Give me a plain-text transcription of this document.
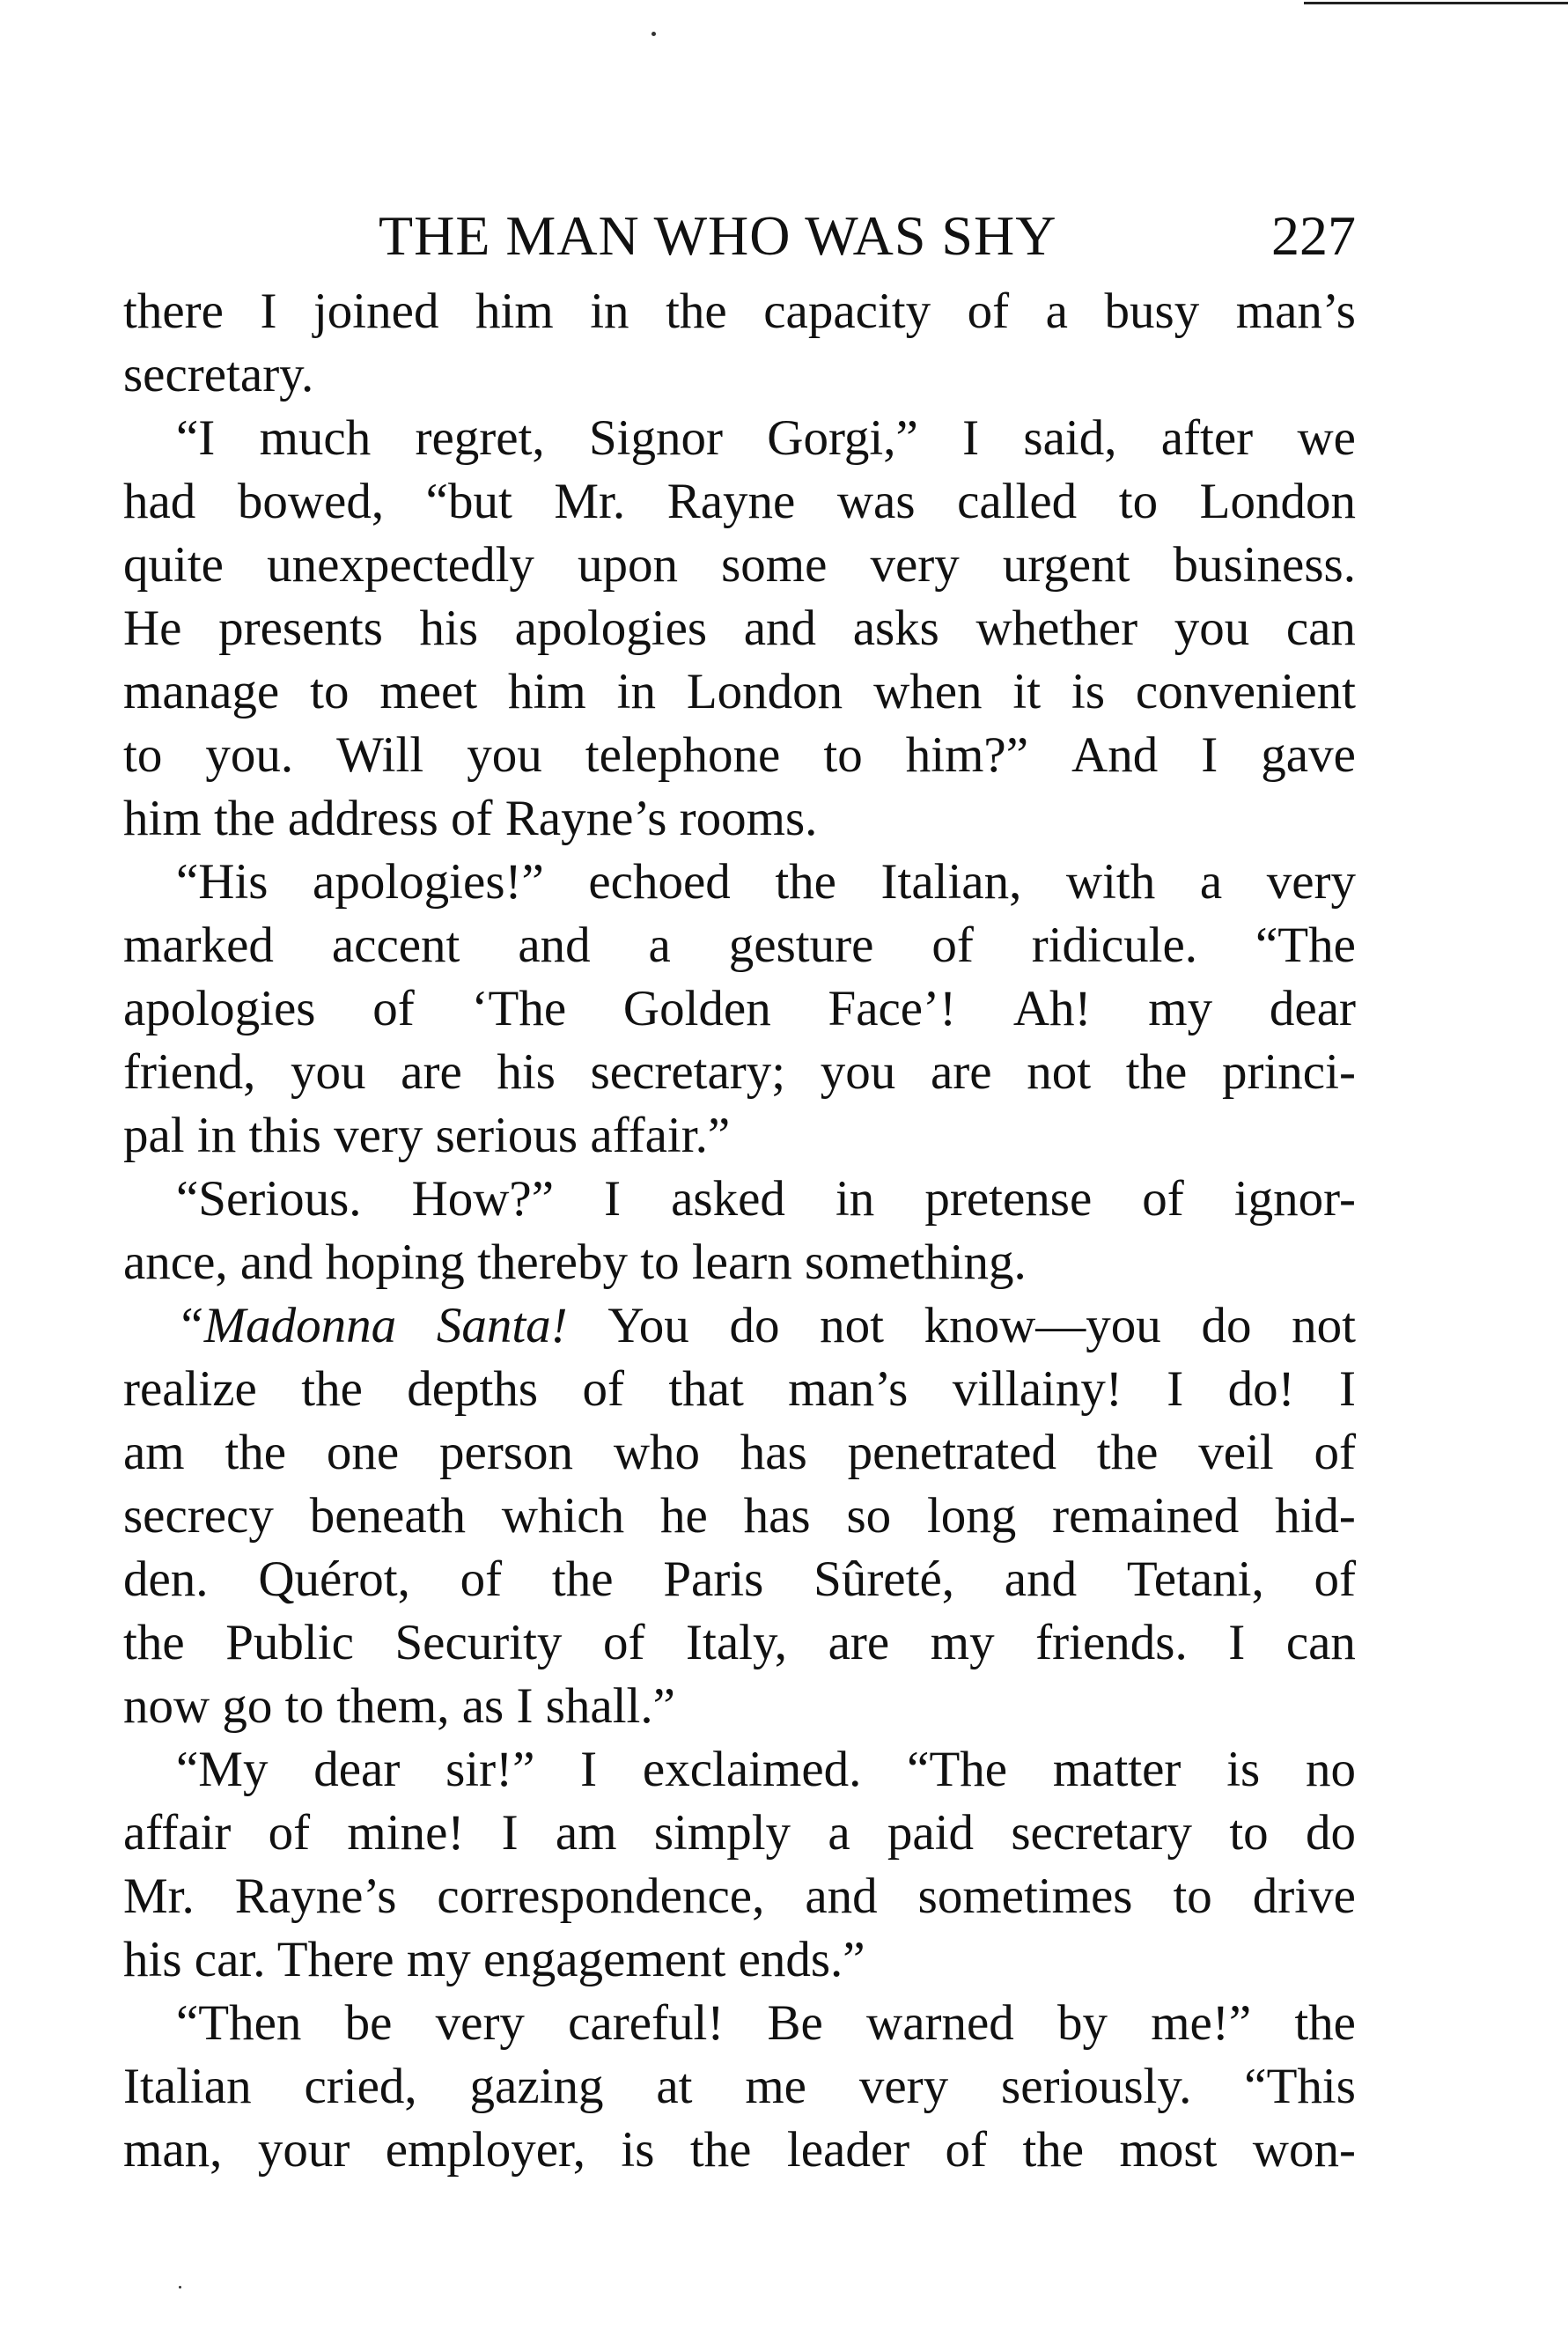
THE MAN WHO WAS SHY	227
there I joined him in the capacity of a busy man’s
secretary.
“I much regret, Signor Gorgi,” I said, after we
had bowed, “but Mr. Rayne was called to London
quite unexpectedly upon some very urgent business.
He presents his apologies and asks whether you can
manage to meet him in London when it is convenient
to you. Will you telephone to him?” And I gave
him the address of Rayne’s rooms.
“His apologies!” echoed the Italian, with a very
marked accent and a gesture of ridicule. “The
apologies of ‘The Golden Face’! Ah! my dear
friend, you are his secretary; you are not the princi-
pal in this very serious affair.”
“Serious. How?” I asked in pretense of ignor-
ance, and hoping thereby to learn something.
“Madonna Santa! You do not know—you do not
realize the depths of that man’s villainy! I do! I
am the one person who has penetrated the veil of
secrecy beneath which he has so long remained hid-
den. Quérot, of the Paris Sûreté, and Tetani, of
the Public Security of Italy, are my friends. I can
now go to them, as I shall.”
“My dear sir!” I exclaimed. “The matter is no
affair of mine! I am simply a paid secretary to do
Mr. Rayne’s correspondence, and sometimes to drive
his car. There my engagement ends.”
“Then be very careful! Be warned by me!” the
Italian cried, gazing at me very seriously. “This
man, your employer, is the leader of the most won-
